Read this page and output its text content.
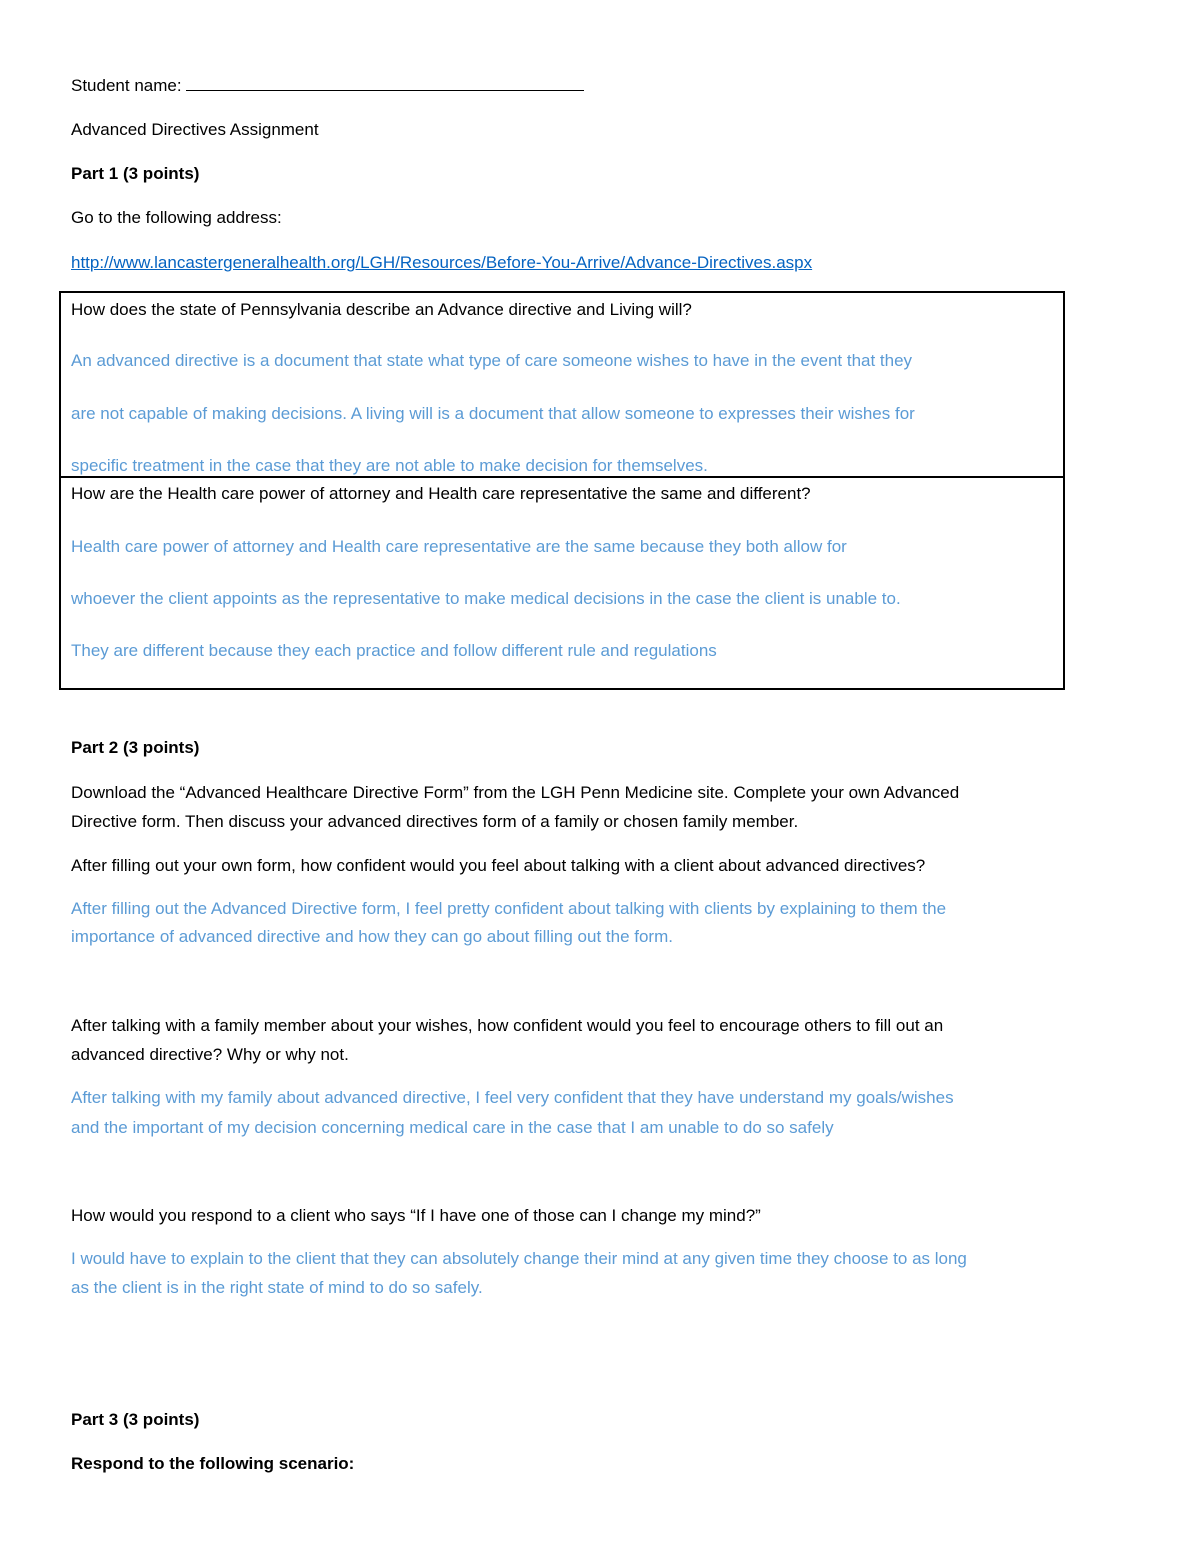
Student name:
Advanced Directives Assignment
Part 1 (3 points)
Go to the following address:
http://www.lancastergeneralhealth.org/LGH/Resources/Before-You-Arrive/Advance-Directives.aspx
How does the state of Pennsylvania describe an Advance directive and Living will?
An advanced directive is a document that state what type of care someone wishes to have in the event that they
are not capable of making decisions. A living will is a document that allow someone to expresses their wishes for
specific treatment in the case that they are not able to make decision for themselves.
How are the Health care power of attorney and Health care representative the same and different?
Health care power of attorney and Health care representative are the same because they both allow for
whoever the client appoints as the representative to make medical decisions in the case the client is unable to.
They are different because they each practice and follow different rule and regulations
Part 2 (3 points)
Download the “Advanced Healthcare Directive Form” from the LGH Penn Medicine site. Complete your own Advanced
Directive form. Then discuss your advanced directives form of a family or chosen family member.
After filling out your own form, how confident would you feel about talking with a client about advanced directives?
After filling out the Advanced Directive form, I feel pretty confident about talking with clients by explaining to them the
importance of advanced directive and how they can go about filling out the form.
After talking with a family member about your wishes, how confident would you feel to encourage others to fill out an
advanced directive? Why or why not.
After talking with my family about advanced directive, I feel very confident that they have understand my goals/wishes
and the important of my decision concerning medical care in the case that I am unable to do so safely
How would you respond to a client who says “If I have one of those can I change my mind?”
I would have to explain to the client that they can absolutely change their mind at any given time they choose to as long
as the client is in the right state of mind to do so safely.
Part 3 (3 points)
Respond to the following scenario:
